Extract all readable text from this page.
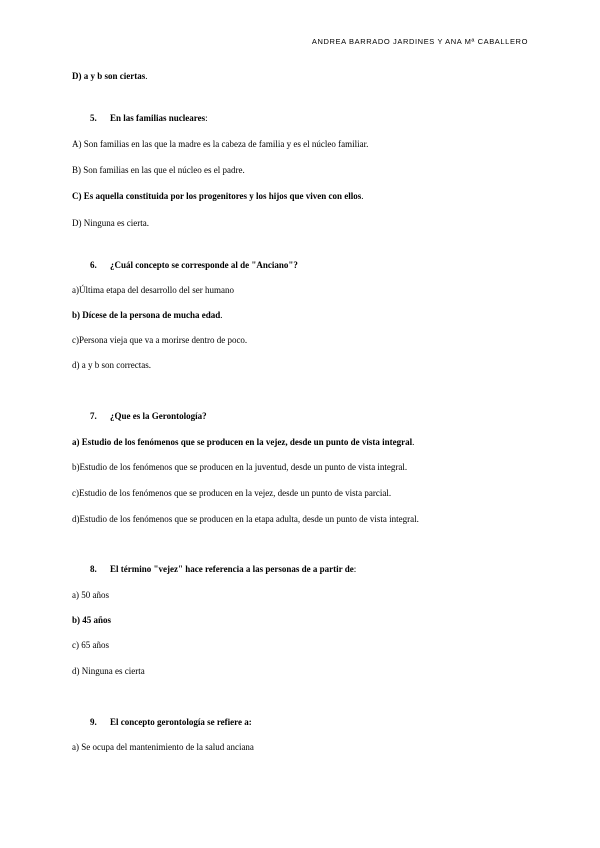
ANDREA BARRADO JARDINES Y ANA Mª CABALLERO
D) a y b son ciertas.
5. En las familias nucleares:
A) Son familias en las que la madre es la cabeza de familia y es el núcleo familiar.
B) Son familias en las que el núcleo es el padre.
C) Es aquella constituida por los progenitores y los hijos que viven con ellos.
D) Ninguna es cierta.
6. ¿Cuál concepto se corresponde al de "Anciano"?
a)Última etapa del desarrollo del ser humano
b) Dícese de la persona de mucha edad.
c)Persona vieja que va a morirse dentro de poco.
d) a y b son correctas.
7. ¿Que es la Gerontología?
a) Estudio de los fenómenos que se producen en la vejez, desde un punto de vista integral.
b)Estudio de los fenómenos que se producen en la juventud, desde un punto de vista integral.
c)Estudio de los fenómenos que se producen en la vejez, desde un punto de vista parcial.
d)Estudio de los fenómenos que se producen en la etapa adulta, desde un punto de vista integral.
8. El término "vejez" hace referencia a las personas de a partir de:
a) 50 años
b) 45 años
c) 65 años
d) Ninguna es cierta
9. El concepto gerontología se refiere a:
a) Se ocupa del mantenimiento de la salud anciana
